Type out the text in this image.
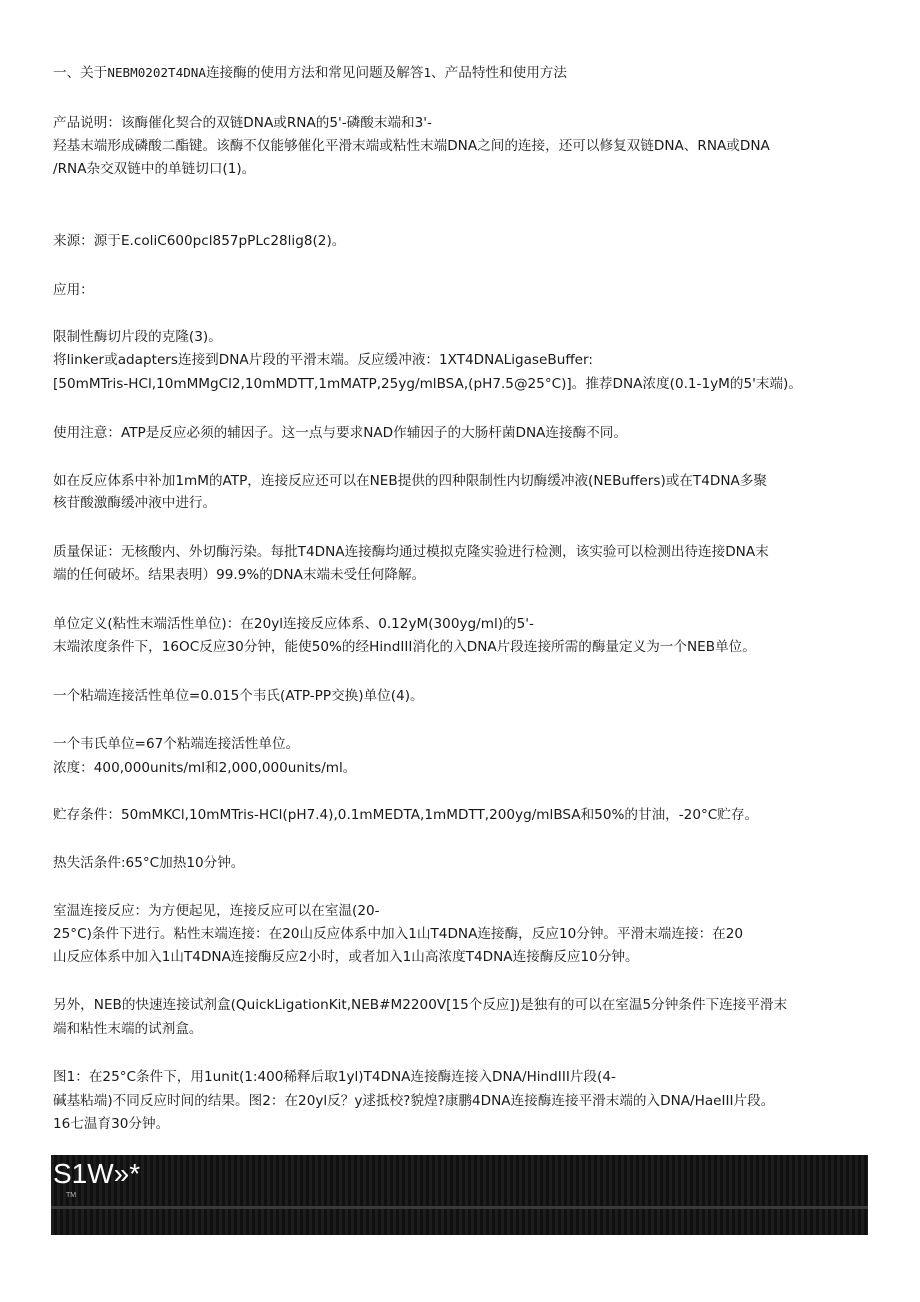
一、关于NEBM0202T4DNA连接酶的使用方法和常见问题及解答1、产品特性和使用方法
产品说明：该酶催化契合的双链DNA或RNA的5'-磷酸末端和3'-
羟基末端形成磷酸二酯键。该酶不仅能够催化平滑末端或粘性末端DNA之间的连接，还可以修复双链DNA、RNA或DNA
/RNA杂交双链中的单链切口(1)。
来源：源于E.coliC600pcl857pPLc28lig8(2)。
应用：
限制性酶切片段的克隆(3)。
将linker或adapters连接到DNA片段的平滑末端。反应缓冲液：1XT4DNALigaseBuffer:
[50mMTris-HCl,10mMMgCl2,10mMDTT,1mMATP,25yg/mlBSA,(pH7.5@25°C)]。推荐DNA浓度(0.1-1yM的5'末端)。
使用注意：ATP是反应必须的辅因子。这一点与要求NAD作辅因子的大肠杆菌DNA连接酶不同。
如在反应体系中补加1mM的ATP，连接反应还可以在NEB提供的四种限制性内切酶缓冲液(NEBuffers)或在T4DNA多聚
核苷酸激酶缓冲液中进行。
质量保证：无核酸内、外切酶污染。每批T4DNA连接酶均通过模拟克隆实验进行检测，该实验可以检测出待连接DNA末
端的任何破坏。结果表明）99.9%的DNA末端未受任何降解。
单位定义(粘性末端活性单位)：在20yl连接反应体系、0.12yM(300yg/ml)的5'-
末端浓度条件下，16OC反应30分钟，能使50%的经HindIII消化的入DNA片段连接所需的酶量定义为一个NEB单位。
一个粘端连接活性单位=0.015个韦氏(ATP-PP交换)单位(4)。
一个韦氏单位=67个粘端连接活性单位。
浓度：400,000units/ml和2,000,000units/ml。
贮存条件：50mMKCl,10mMTris-HCl(pH7.4),0.1mMEDTA,1mMDTT,200yg/mlBSA和50%的甘油，-20°C贮存。
热失活条件:65°C加热10分钟。
室温连接反应：为方便起见，连接反应可以在室温(20-
25°C)条件下进行。粘性末端连接：在20山反应体系中加入1山T4DNA连接酶，反应10分钟。平滑末端连接：在20
山反应体系中加入1山T4DNA连接酶反应2小时，或者加入1山高浓度T4DNA连接酶反应10分钟。
另外，NEB的快速连接试剂盒(QuickLigationKit,NEB#M2200V[15个反应])是独有的可以在室温5分钟条件下连接平滑末
端和粘性末端的试剂盒。
图1：在25°C条件下，用1unit(1:400稀释后取1yl)T4DNA连接酶连接入DNA/HindIII片段(4-
碱基粘端)不同反应时间的结果。图2：在20yl反？y逑抵校?貌煌?康鹏4DNA连接酶连接平滑末端的入DNA/HaeIII片段。
16七温育30分钟。
S1W»*
TM
